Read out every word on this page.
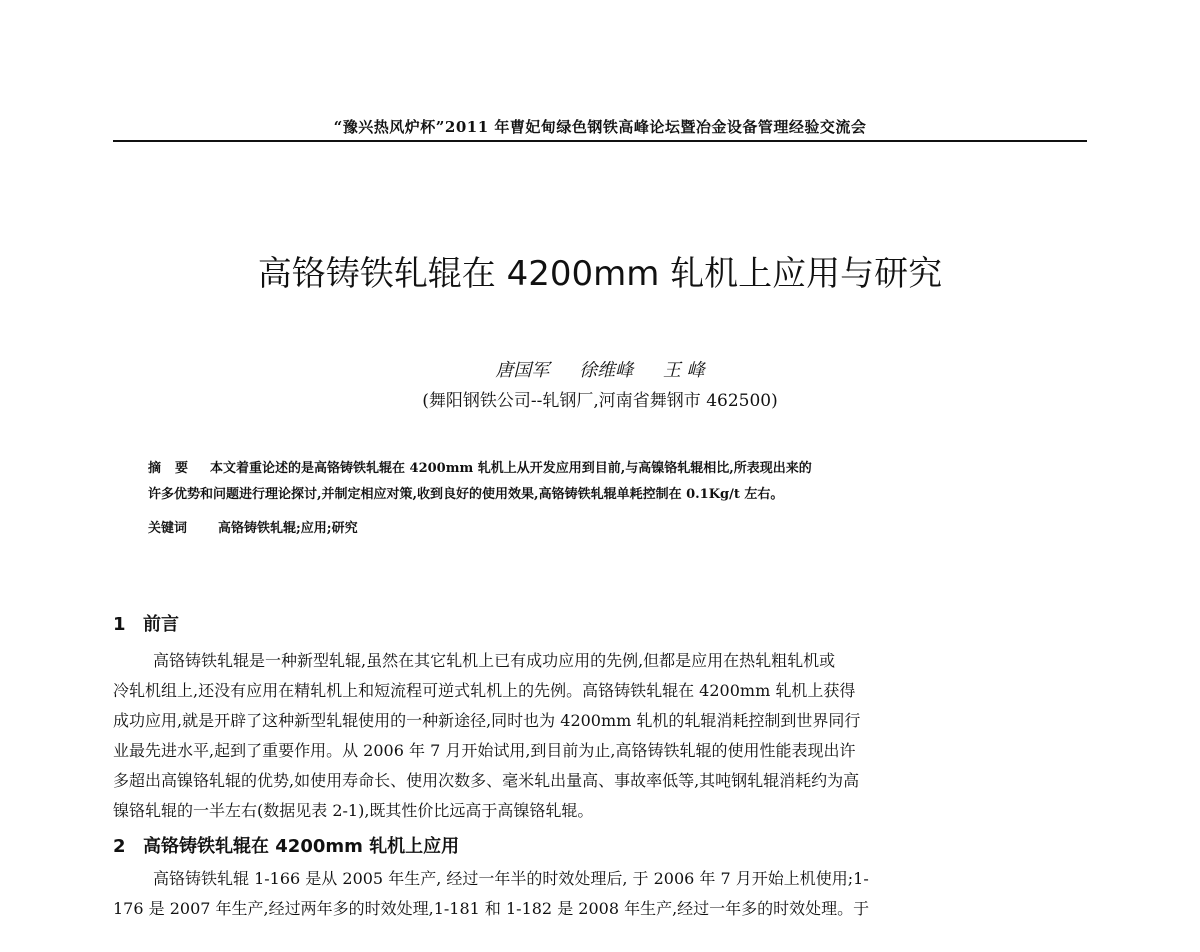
“豫兴热风炉杯”2011 年曹妃甸绿色钢铁高峰论坛暨冶金设备管理经验交流会
高铬铸铁轧辊在 4200mm 轧机上应用与研究
唐国军 徐维峰 王 峰
(舞阳钢铁公司--轧钢厂,河南省舞钢市 462500)
摘要 本文着重论述的是高铬铸铁轧辊在 4200mm 轧机上从开发应用到目前,与高镍铬轧辊相比,所表现出来的
许多优势和问题进行理论探讨,并制定相应对策,收到良好的使用效果,高铬铸铁轧辊单耗控制在 0.1Kg/t 左右。
关键词 高铬铸铁轧辊;应用;研究
1 前言
高铬铸铁轧辊是一种新型轧辊,虽然在其它轧机上已有成功应用的先例,但都是应用在热轧粗轧机或
冷轧机组上,还没有应用在精轧机上和短流程可逆式轧机上的先例。高铬铸铁轧辊在 4200mm 轧机上获得
成功应用,就是开辟了这种新型轧辊使用的一种新途径,同时也为 4200mm 轧机的轧辊消耗控制到世界同行
业最先进水平,起到了重要作用。从 2006 年 7 月开始试用,到目前为止,高铬铸铁轧辊的使用性能表现出许
多超出高镍铬轧辊的优势,如使用寿命长、使用次数多、毫米轧出量高、事故率低等,其吨钢轧辊消耗约为高
镍铬轧辊的一半左右(数据见表 2-1),既其性价比远高于高镍铬轧辊。
2 高铬铸铁轧辊在 4200mm 轧机上应用
高铬铸铁轧辊 1-166 是从 2005 年生产, 经过一年半的时效处理后, 于 2006 年 7 月开始上机使用;1-
176 是 2007 年生产,经过两年多的时效处理,1-181 和 1-182 是 2008 年生产,经过一年多的时效处理。于
